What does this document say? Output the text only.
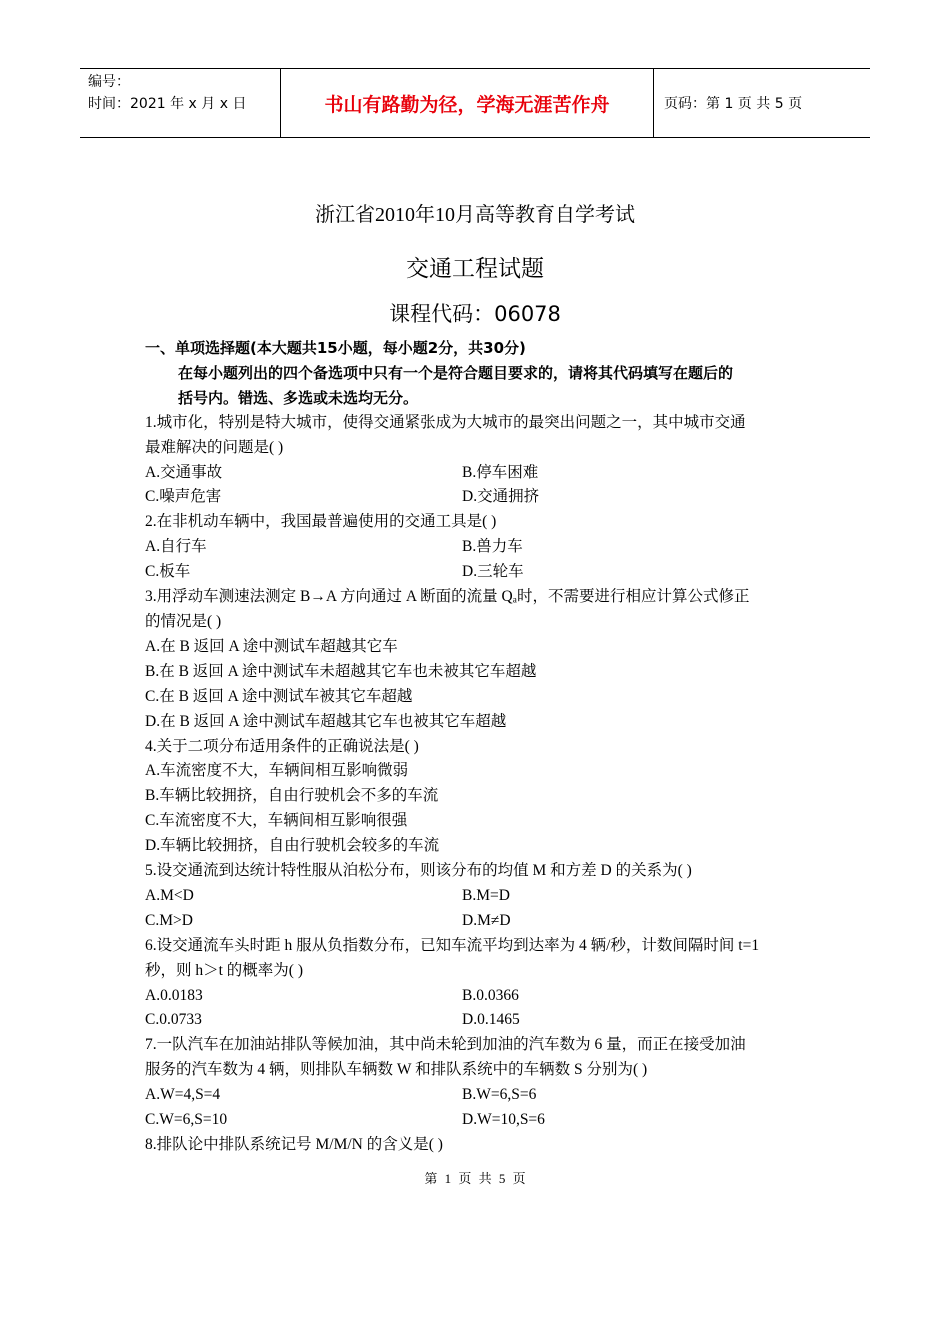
编号：
时间：2021 年 x 月 x 日	书山有路勤为径，学海无涯苦作舟	页码：第 1 页 共 5 页
浙江省2010年10月高等教育自学考试
交通工程试题
课程代码：06078
一、单项选择题(本大题共15小题，每小题2分，共30分)
在每小题列出的四个备选项中只有一个是符合题目要求的，请将其代码填写在题后的
括号内。错选、多选或未选均无分。
1.城市化，特别是特大城市，使得交通紧张成为大城市的最突出问题之一，其中城市交通
最难解决的问题是( )
A.交通事故	B.停车困难
C.噪声危害	D.交通拥挤
2.在非机动车辆中，我国最普遍使用的交通工具是( )
A.自行车	B.兽力车
C.板车	D.三轮车
3.用浮动车测速法测定 B→A 方向通过 A 断面的流量 Qₐ时，不需要进行相应计算公式修正
的情况是( )
A.在 B 返回 A 途中测试车超越其它车
B.在 B 返回 A 途中测试车未超越其它车也未被其它车超越
C.在 B 返回 A 途中测试车被其它车超越
D.在 B 返回 A 途中测试车超越其它车也被其它车超越
4.关于二项分布适用条件的正确说法是( )
A.车流密度不大，车辆间相互影响微弱
B.车辆比较拥挤，自由行驶机会不多的车流
C.车流密度不大，车辆间相互影响很强
D.车辆比较拥挤，自由行驶机会较多的车流
5.设交通流到达统计特性服从泊松分布，则该分布的均值 M 和方差 D 的关系为( )
A.M<D	B.M=D
C.M>D	D.M≠D
6.设交通流车头时距 h 服从负指数分布，已知车流平均到达率为 4 辆/秒，计数间隔时间 t=1
秒，则 h＞t 的概率为( )
A.0.0183	B.0.0366
C.0.0733	D.0.1465
7.一队汽车在加油站排队等候加油，其中尚未轮到加油的汽车数为 6 量，而正在接受加油
服务的汽车数为 4 辆，则排队车辆数 W 和排队系统中的车辆数 S 分别为( )
A.W=4,S=4	B.W=6,S=6
C.W=6,S=10	D.W=10,S=6
8.排队论中排队系统记号 M/M/N 的含义是( )
第 1 页 共 5 页
